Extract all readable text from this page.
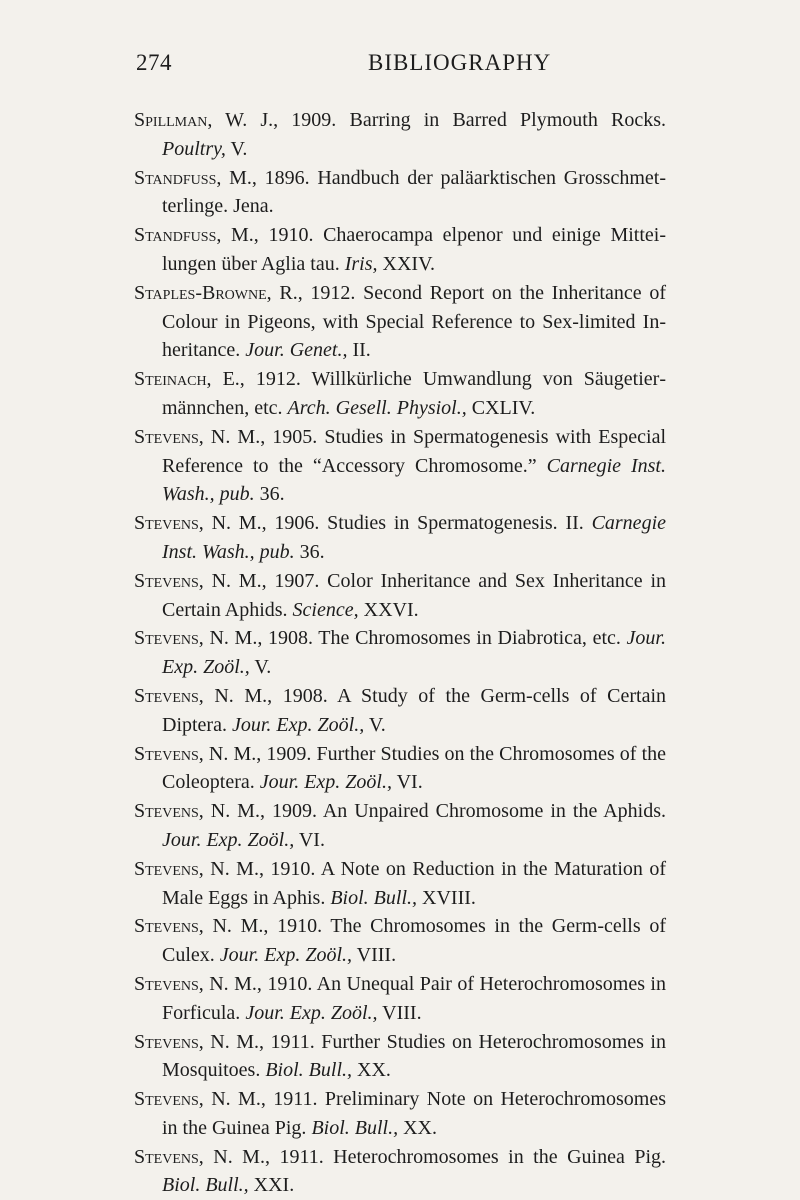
274	BIBLIOGRAPHY
Spillman, W. J., 1909. Barring in Barred Plymouth Rocks. Poultry, V.
Standfuss, M., 1896. Handbuch der paläarktischen Grosschmetterlinge. Jena.
Standfuss, M., 1910. Chaerocampa elpenor und einige Mitteilungen über Aglia tau. Iris, XXIV.
Staples-Browne, R., 1912. Second Report on the Inheritance of Colour in Pigeons, with Special Reference to Sex-limited Inheritance. Jour. Genet., II.
Steinach, E., 1912. Willkürliche Umwandlung von Säugetiermännchen, etc. Arch. Gesell. Physiol., CXLIV.
Stevens, N. M., 1905. Studies in Spermatogenesis with Especial Reference to the “Accessory Chromosome.” Carnegie Inst. Wash., pub. 36.
Stevens, N. M., 1906. Studies in Spermatogenesis. II. Carnegie Inst. Wash., pub. 36.
Stevens, N. M., 1907. Color Inheritance and Sex Inheritance in Certain Aphids. Science, XXVI.
Stevens, N. M., 1908. The Chromosomes in Diabrotica, etc. Jour. Exp. Zoöl., V.
Stevens, N. M., 1908. A Study of the Germ-cells of Certain Diptera. Jour. Exp. Zoöl., V.
Stevens, N. M., 1909. Further Studies on the Chromosomes of the Coleoptera. Jour. Exp. Zoöl., VI.
Stevens, N. M., 1909. An Unpaired Chromosome in the Aphids. Jour. Exp. Zoöl., VI.
Stevens, N. M., 1910. A Note on Reduction in the Maturation of Male Eggs in Aphis. Biol. Bull., XVIII.
Stevens, N. M., 1910. The Chromosomes in the Germ-cells of Culex. Jour. Exp. Zoöl., VIII.
Stevens, N. M., 1910. An Unequal Pair of Heterochromosomes in Forficula. Jour. Exp. Zoöl., VIII.
Stevens, N. M., 1911. Further Studies on Heterochromosomes in Mosquitoes. Biol. Bull., XX.
Stevens, N. M., 1911. Preliminary Note on Heterochromosomes in the Guinea Pig. Biol. Bull., XX.
Stevens, N. M., 1911. Heterochromosomes in the Guinea Pig. Biol. Bull., XXI.
